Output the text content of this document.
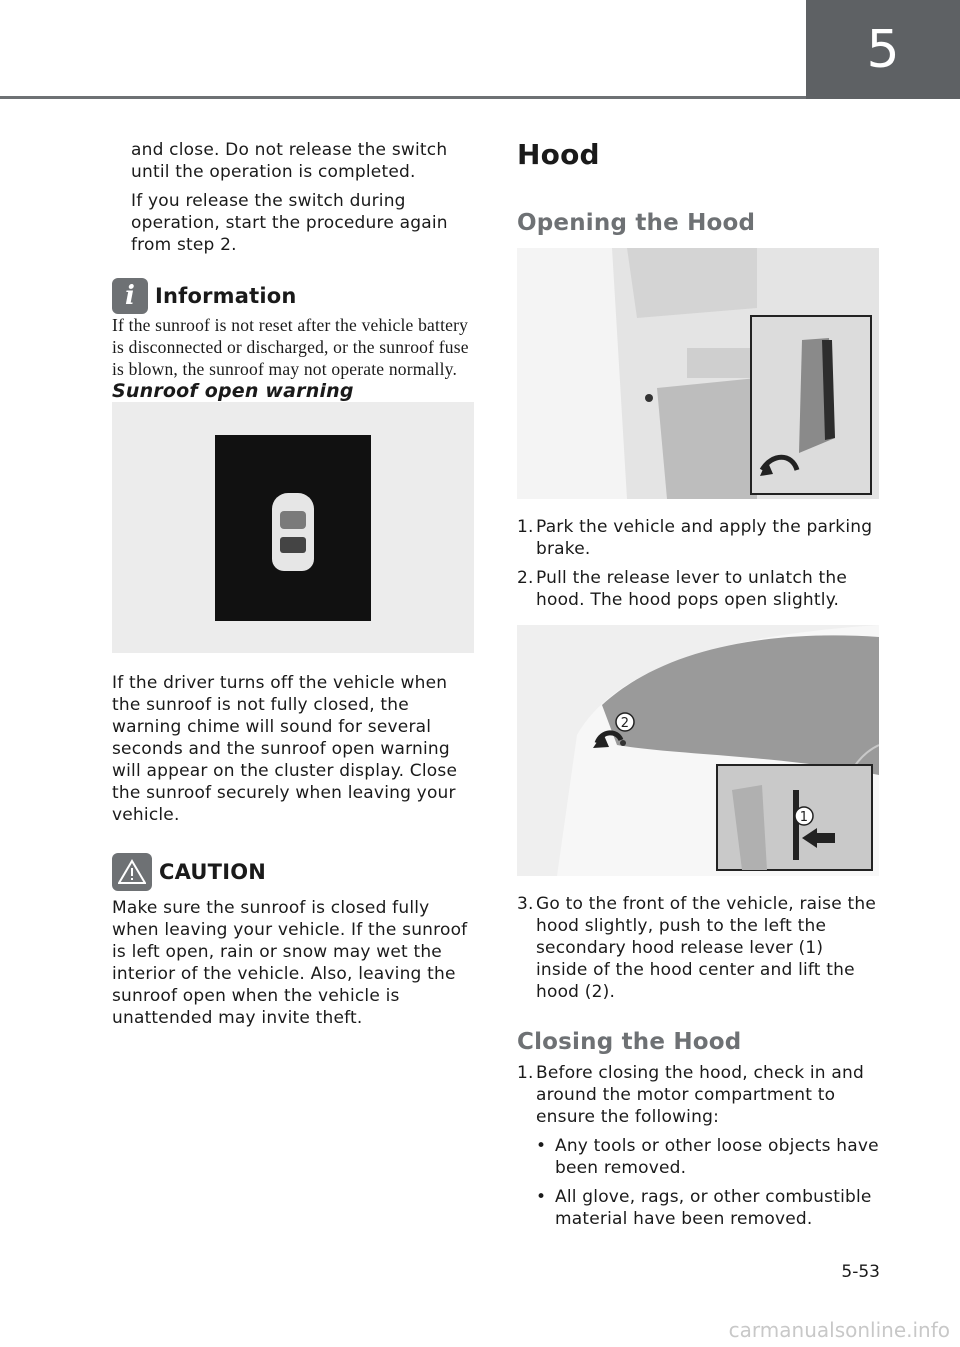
5

and close. Do not release the switch until the operation is completed.

If you release the switch during operation, start the procedure again from step 2.

i Information

If the sunroof is not reset after the vehicle battery is disconnected or discharged, or the sunroof fuse is blown, the sunroof may not operate normally.

Sunroof open warning

If the driver turns off the vehicle when the sunroof is not fully closed, the warning chime will sound for several seconds and the sunroof open warning will appear on the cluster display. Close the sunroof securely when leaving your vehicle.

CAUTION

Make sure the sunroof is closed fully when leaving your vehicle. If the sunroof is left open, rain or snow may wet the interior of the vehicle. Also, leaving the sunroof open when the vehicle is unattended may invite theft.

Hood
Opening the Hood
1. Park the vehicle and apply the parking brake.
2. Pull the release lever to unlatch the hood. The hood pops open slightly.
2
1
3. Go to the front of the vehicle, raise the hood slightly, push to the left the secondary hood release lever (1) inside of the hood center and lift the hood (2).
Closing the Hood
1. Before closing the hood, check in and around the motor compartment to ensure the following:
• Any tools or other loose objects have been removed.
• All glove, rags, or other combustible material have been removed.
5-53
carmanualsonline.info
